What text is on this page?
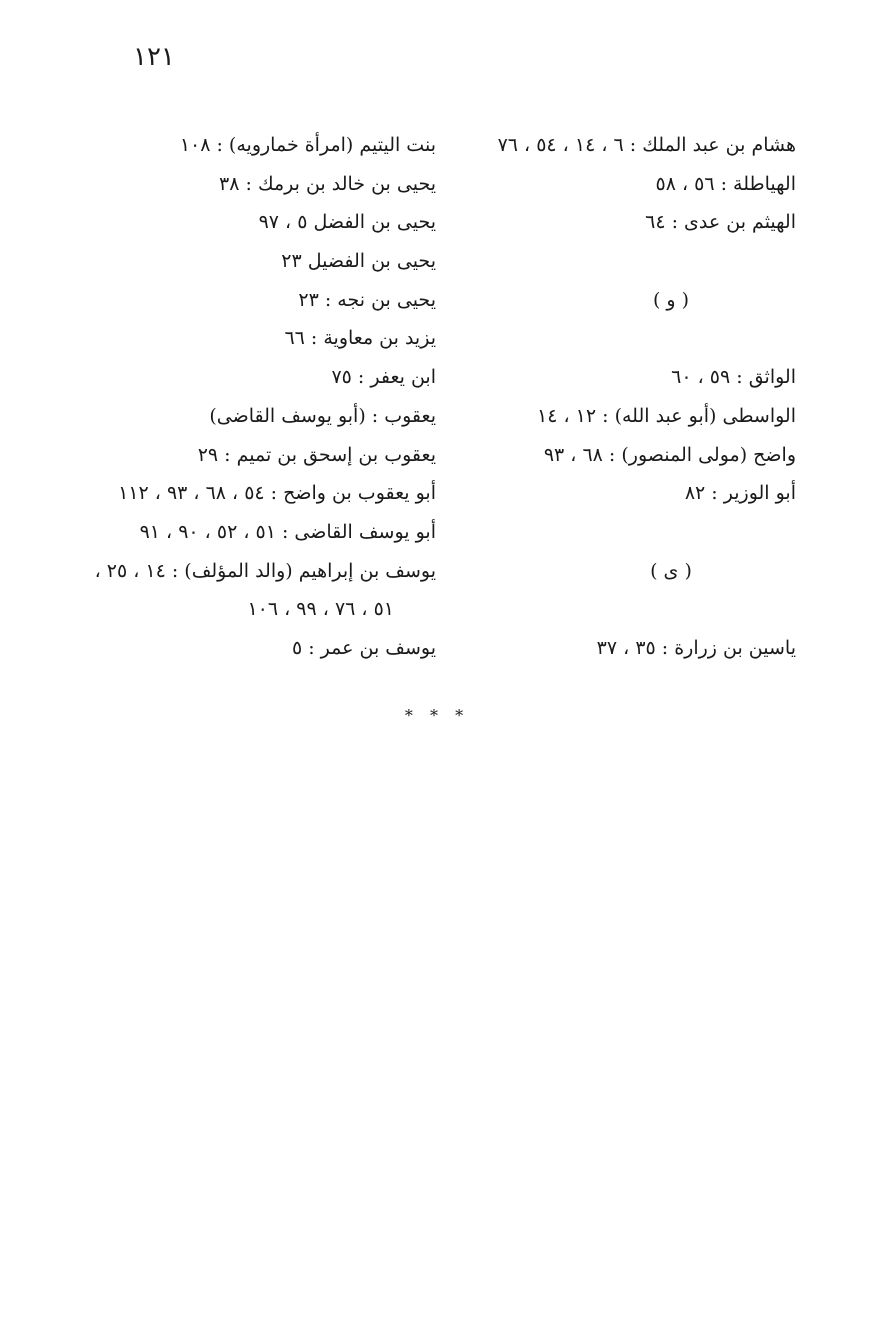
١٢١
هشام بن عبد الملك : ٦ ، ١٤ ، ٥٤ ، ٧٦
الهياطلة : ٥٦ ، ٥٨
الهيثم بن عدى : ٦٤
( و )
الواثق : ٥٩ ، ٦٠
الواسطى (أبو عبد الله) : ١٢ ، ١٤
واضح (مولى المنصور) : ٦٨ ، ٩٣
أبو الوزير : ٨٢
( ى )
ياسين بن زرارة : ٣٥ ، ٣٧
بنت اليتيم (امرأة خمارويه) : ١٠٨
يحيى بن خالد بن برمك : ٣٨
يحيى بن الفضل ٥ ، ٩٧
يحيى بن الفضيل ٢٣
يحيى بن نجه : ٢٣
يزيد بن معاوية : ٦٦
ابن يعفر : ٧٥
يعقوب : (أبو يوسف القاضى)
يعقوب بن إسحق بن تميم : ٢٩
أبو يعقوب بن واضح : ٥٤ ، ٦٨ ، ٩٣ ، ١١٢
أبو يوسف القاضى : ٥١ ، ٥٢ ، ٩٠ ، ٩١
يوسف بن إبراهيم (والد المؤلف) : ١٤ ، ٢٥ ،
٥١ ، ٧٦ ، ٩٩ ، ١٠٦
يوسف بن عمر : ٥
* * *
